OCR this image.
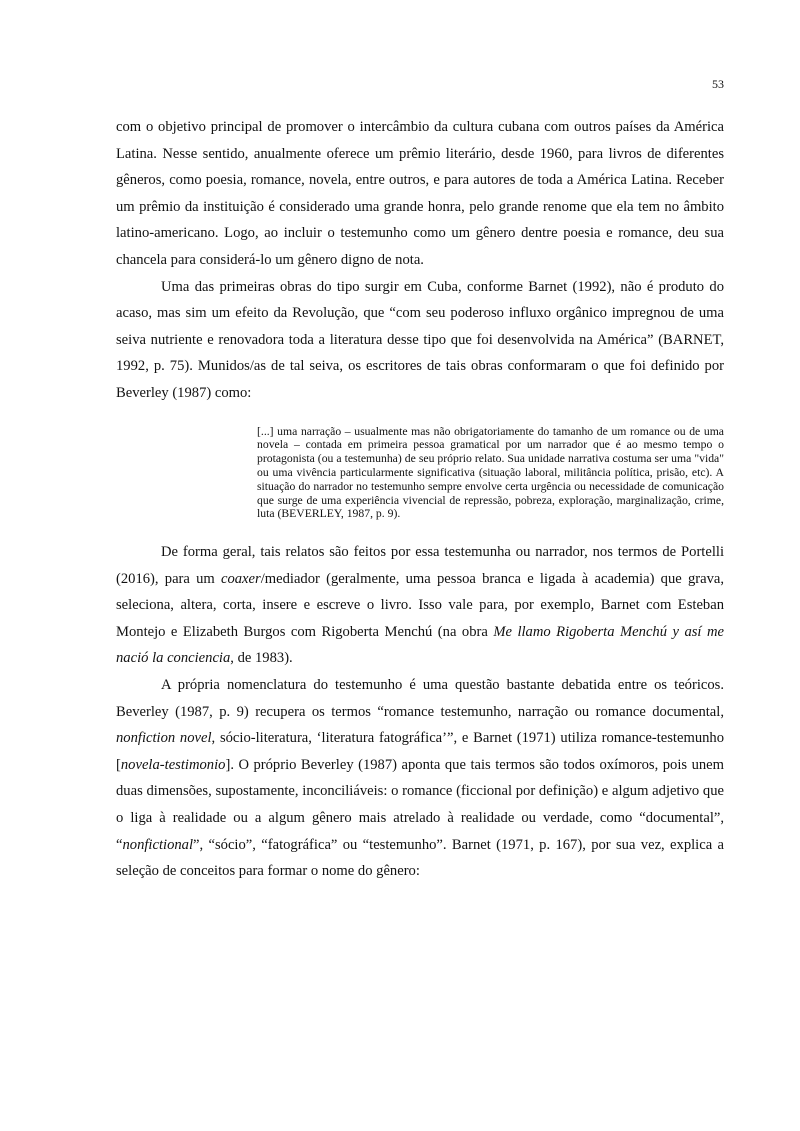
53

com o objetivo principal de promover o intercâmbio da cultura cubana com outros países da América Latina. Nesse sentido, anualmente oferece um prêmio literário, desde 1960, para livros de diferentes gêneros, como poesia, romance, novela, entre outros, e para autores de toda a América Latina. Receber um prêmio da instituição é considerado uma grande honra, pelo grande renome que ela tem no âmbito latino-americano. Logo, ao incluir o testemunho como um gênero dentre poesia e romance, deu sua chancela para considerá-lo um gênero digno de nota.

Uma das primeiras obras do tipo surgir em Cuba, conforme Barnet (1992), não é produto do acaso, mas sim um efeito da Revolução, que “com seu poderoso influxo orgânico impregnou de uma seiva nutriente e renovadora toda a literatura desse tipo que foi desenvolvida na América” (BARNET, 1992, p. 75). Munidos/as de tal seiva, os escritores de tais obras conformaram o que foi definido por Beverley (1987) como:

[...] uma narração – usualmente mas não obrigatoriamente do tamanho de um romance ou de uma novela – contada em primeira pessoa gramatical por um narrador que é ao mesmo tempo o protagonista (ou a testemunha) de seu próprio relato. Sua unidade narrativa costuma ser uma "vida" ou uma vivência particularmente significativa (situação laboral, militância política, prisão, etc). A situação do narrador no testemunho sempre envolve certa urgência ou necessidade de comunicação que surge de uma experiência vivencial de repressão, pobreza, exploração, marginalização, crime, luta (BEVERLEY, 1987, p. 9).

De forma geral, tais relatos são feitos por essa testemunha ou narrador, nos termos de Portelli (2016), para um coaxer/mediador (geralmente, uma pessoa branca e ligada à academia) que grava, seleciona, altera, corta, insere e escreve o livro. Isso vale para, por exemplo, Barnet com Esteban Montejo e Elizabeth Burgos com Rigoberta Menchú (na obra Me llamo Rigoberta Menchú y así me nació la conciencia, de 1983).

A própria nomenclatura do testemunho é uma questão bastante debatida entre os teóricos. Beverley (1987, p. 9) recupera os termos “romance testemunho, narração ou romance documental, nonfiction novel, sócio-literatura, ‘literatura fatográfica’”, e Barnet (1971) utiliza romance-testemunho [novela-testimonio]. O próprio Beverley (1987) aponta que tais termos são todos oxímoros, pois unem duas dimensões, supostamente, inconciliáveis: o romance (ficcional por definição) e algum adjetivo que o liga à realidade ou a algum gênero mais atrelado à realidade ou verdade, como “documental”, “nonfictional”, “sócio”, “fatográfica” ou “testemunho”. Barnet (1971, p. 167), por sua vez, explica a seleção de conceitos para formar o nome do gênero:
